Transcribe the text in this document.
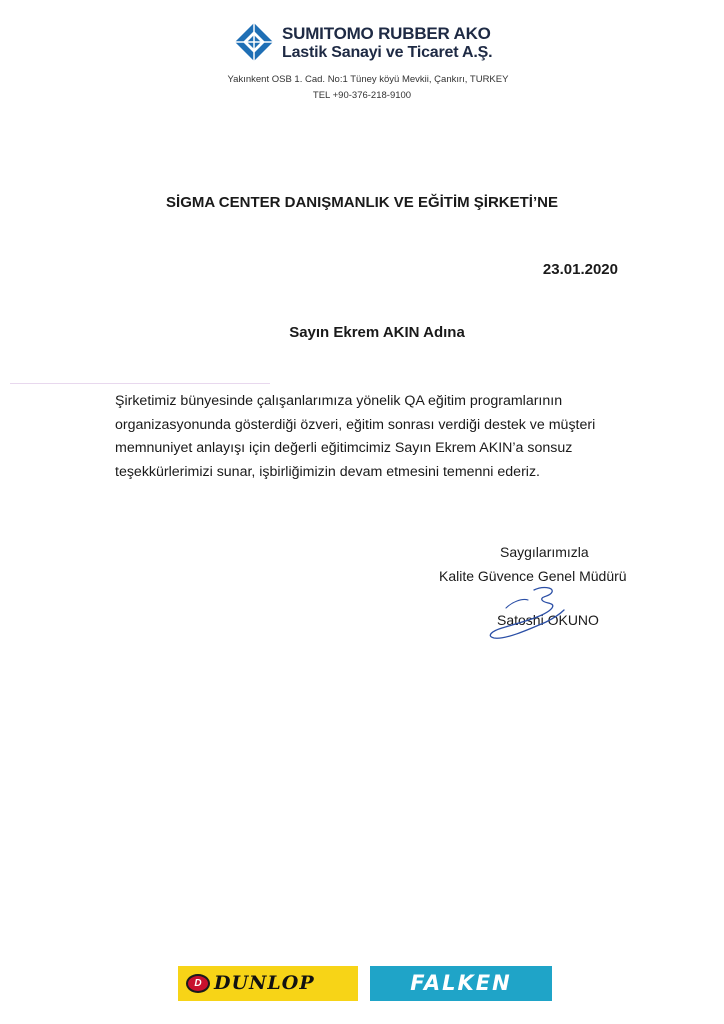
SUMITOMO RUBBER AKO
Lastik Sanayi ve Ticaret A.Ş.
Yakınkent OSB 1. Cad. No:1 Tüney köyü Mevkii, Çankırı, TURKEY
TEL +90-376-218-9100
SİGMA CENTER DANIŞMANLIK VE EĞİTİM ŞİRKETİ’NE
23.01.2020
Sayın Ekrem AKIN Adına
Şirketimiz bünyesinde çalışanlarımıza yönelik QA eğitim programlarının
organizasyonunda gösterdiği özveri, eğitim sonrası verdiği destek ve müşteri
memnuniyet anlayışı için değerli eğitimcimiz Sayın Ekrem AKIN’a sonsuz
teşekkürlerimizi sunar, işbirliğimizin devam etmesini temenni ederiz.
Saygılarımızla
Kalite Güvence Genel Müdürü
Satoshi OKUNO
D DUNLOP	FALKEN
